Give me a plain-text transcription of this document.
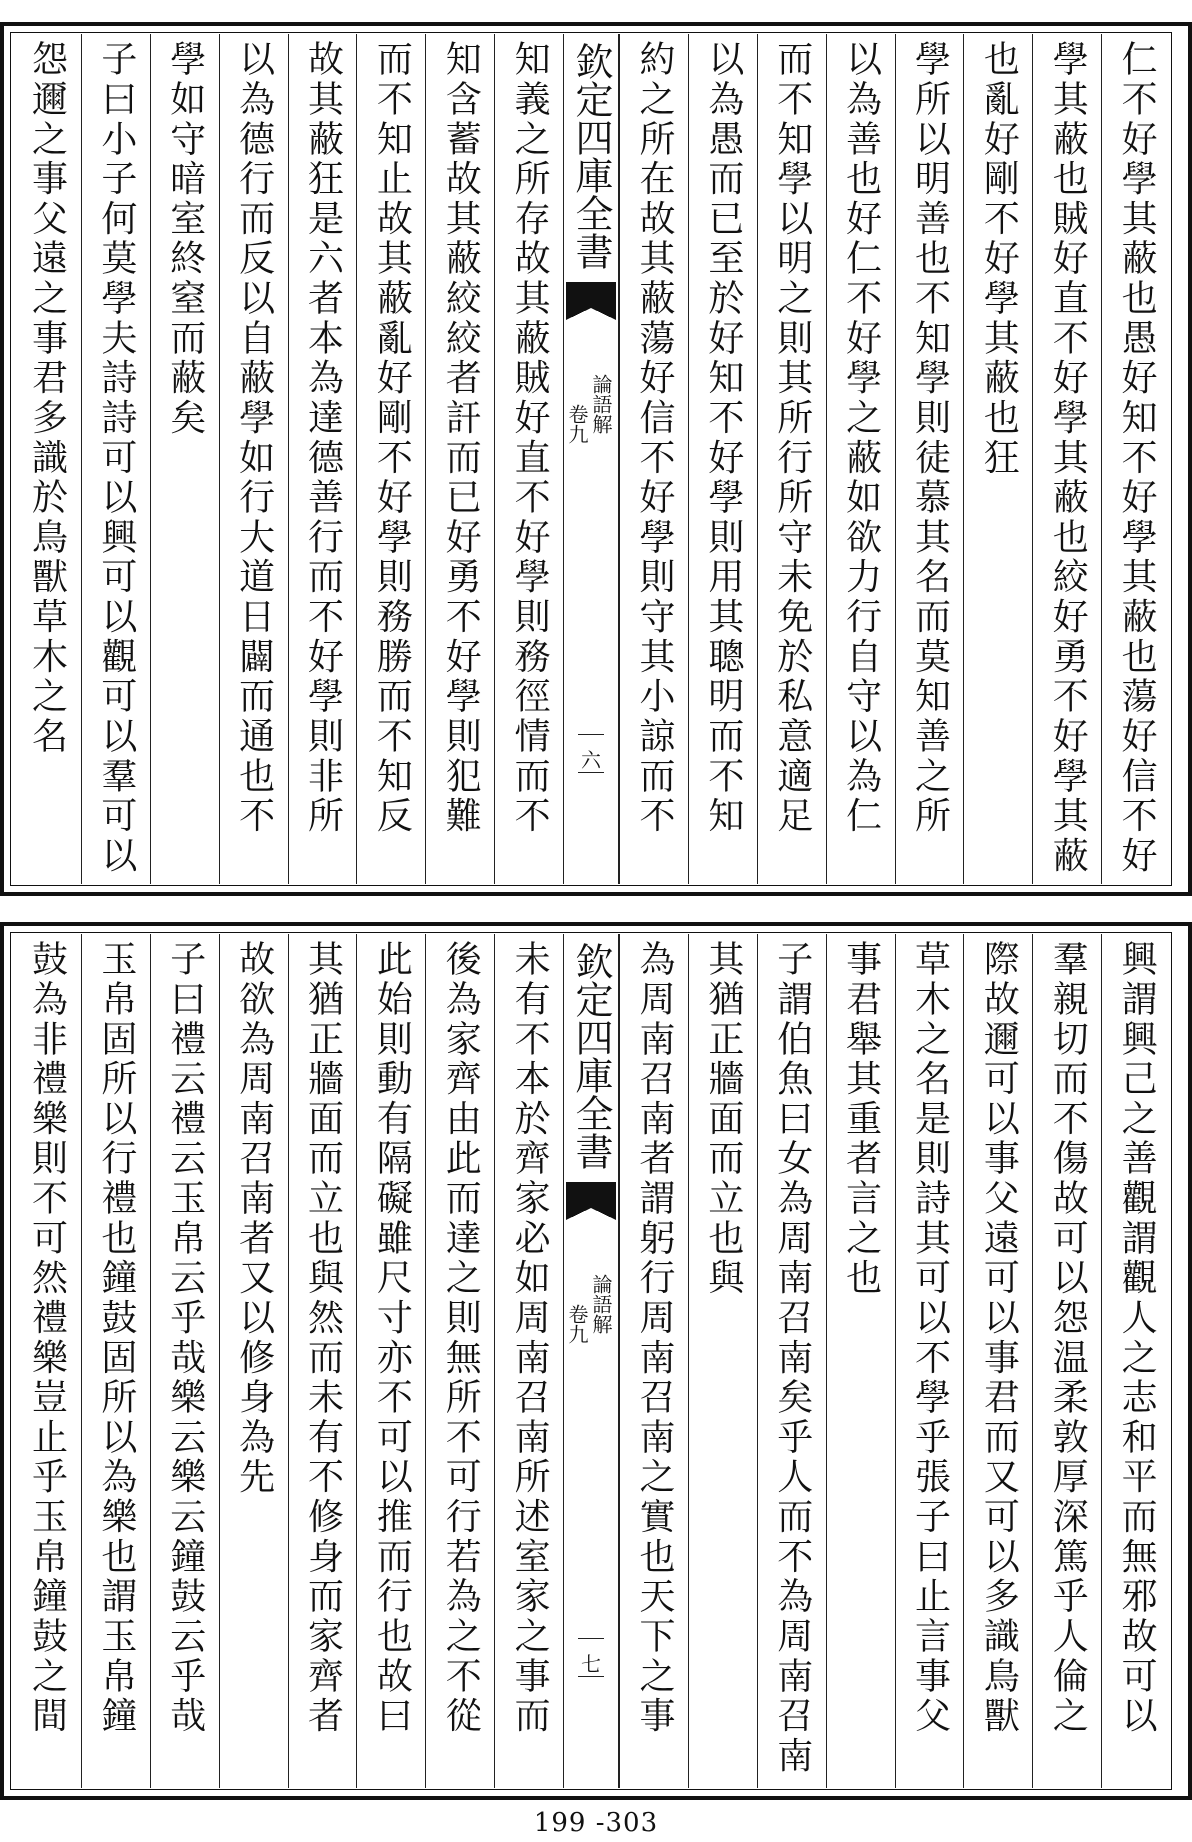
仁不好學其蔽也愚好知不好學其蔽也蕩好信不好
學其蔽也賊好直不好學其蔽也絞好勇不好學其蔽
也亂好剛不好學其蔽也狂
學所以明善也不知學則徒慕其名而莫知善之所
以為善也好仁不好學之蔽如欲力行自守以為仁
而不知學以明之則其所行所守未免於私意適足
以為愚而已至於好知不好學則用其聰明而不知
約之所在故其蔽蕩好信不好學則守其小諒而不
欽定四庫全書
論語解
卷九
六
知義之所存故其蔽賊好直不好學則務徑情而不
知含蓄故其蔽絞絞者訐而已好勇不好學則犯難
而不知止故其蔽亂好剛不好學則務勝而不知反
故其蔽狂是六者本為達德善行而不好學則非所
以為德行而反以自蔽學如行大道日闢而通也不
學如守暗室終窒而蔽矣
子曰小子何莫學夫詩詩可以興可以觀可以羣可以
怨邇之事父遠之事君多識於鳥獸草木之名
興謂興己之善觀謂觀人之志和平而無邪故可以
羣親切而不傷故可以怨温柔敦厚深篤乎人倫之
際故邇可以事父遠可以事君而又可以多識鳥獸
草木之名是則詩其可以不學乎張子曰止言事父
事君舉其重者言之也
子謂伯魚曰女為周南召南矣乎人而不為周南召南
其猶正牆面而立也與
為周南召南者謂躬行周南召南之實也天下之事
欽定四庫全書
論語解
卷九
七
未有不本於齊家必如周南召南所述室家之事而
後為家齊由此而達之則無所不可行若為之不從
此始則動有隔礙雖尺寸亦不可以推而行也故曰
其猶正牆面而立也與然而未有不修身而家齊者
故欲為周南召南者又以修身為先
子曰禮云禮云玉帛云乎哉樂云樂云鐘鼓云乎哉
玉帛固所以行禮也鐘鼓固所以為樂也謂玉帛鐘
鼓為非禮樂則不可然禮樂豈止乎玉帛鐘鼓之間
199 -303
